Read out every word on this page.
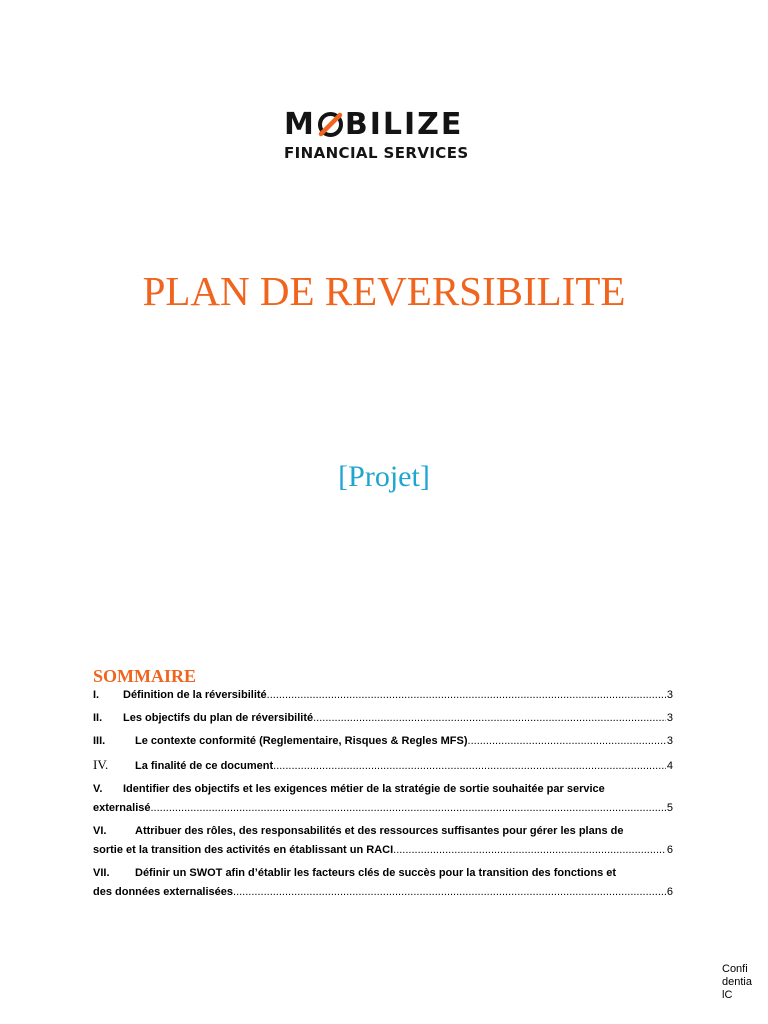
M BILIZE
FINANCIAL SERVICES
PLAN DE REVERSIBILITE
[Projet]
SOMMAIRE
I.	Définition de la réversibilité .....	3
II.	Les objectifs du plan de réversibilité .....	3
III.	Le contexte conformité (Reglementaire, Risques & Regles MFS) .....	3
IV.	La finalité de ce document .....	4
V.	Identifier des objectifs et les exigences métier de la stratégie de sortie souhaitée par service
externalisé .....	5
VI.	Attribuer des rôles, des responsabilités et des ressources suffisantes pour gérer les plans de
sortie et la transition des activités en établissant un RACI .....	6
VII.	Définir un SWOT afin d’établir les facteurs clés de succès pour la transition des fonctions et
des données externalisées .....	6
ConfidentialC
